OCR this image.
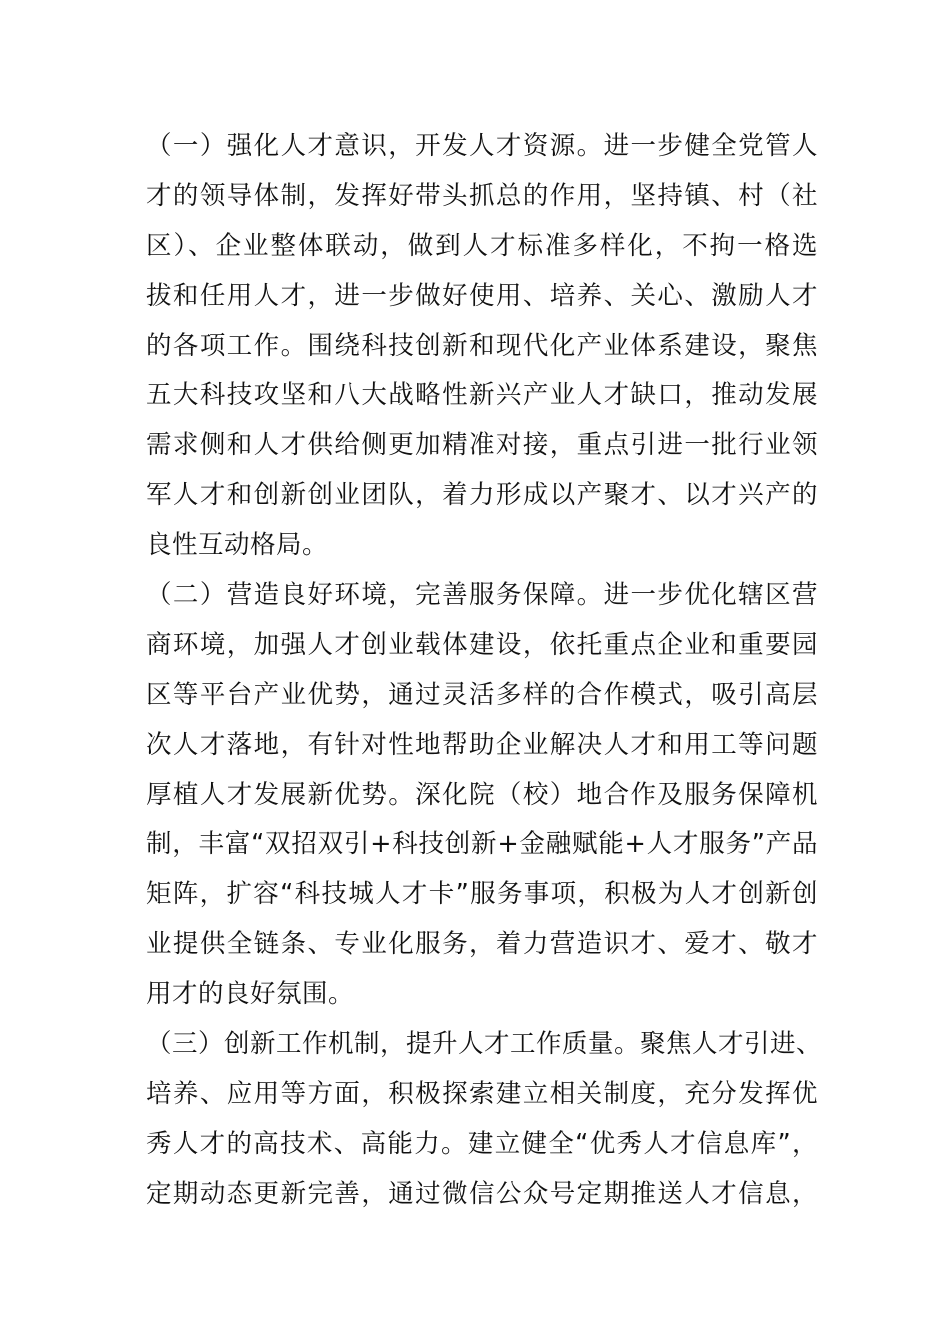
（一）强化人才意识，开发人才资源。进一步健全党管人
才的领导体制，发挥好带头抓总的作用，坚持镇、村（社
区）、企业整体联动，做到人才标准多样化，不拘一格选
拔和任用人才，进一步做好使用、培养、关心、激励人才
的各项工作。围绕科技创新和现代化产业体系建设，聚焦
五大科技攻坚和八大战略性新兴产业人才缺口，推动发展
需求侧和人才供给侧更加精准对接，重点引进一批行业领
军人才和创新创业团队，着力形成以产聚才、以才兴产的
良性互动格局。
（二）营造良好环境，完善服务保障。进一步优化辖区营
商环境，加强人才创业载体建设，依托重点企业和重要园
区等平台产业优势，通过灵活多样的合作模式，吸引高层
次人才落地，有针对性地帮助企业解决人才和用工等问题
厚植人才发展新优势。深化院（校）地合作及服务保障机
制，丰富“双招双引+科技创新+金融赋能+人才服务”产品
矩阵，扩容“科技城人才卡”服务事项，积极为人才创新创
业提供全链条、专业化服务，着力营造识才、爱才、敬才
用才的良好氛围。
（三）创新工作机制，提升人才工作质量。聚焦人才引进、
培养、应用等方面，积极探索建立相关制度，充分发挥优
秀人才的高技术、高能力。建立健全“优秀人才信息库”，
定期动态更新完善，通过微信公众号定期推送人才信息，
